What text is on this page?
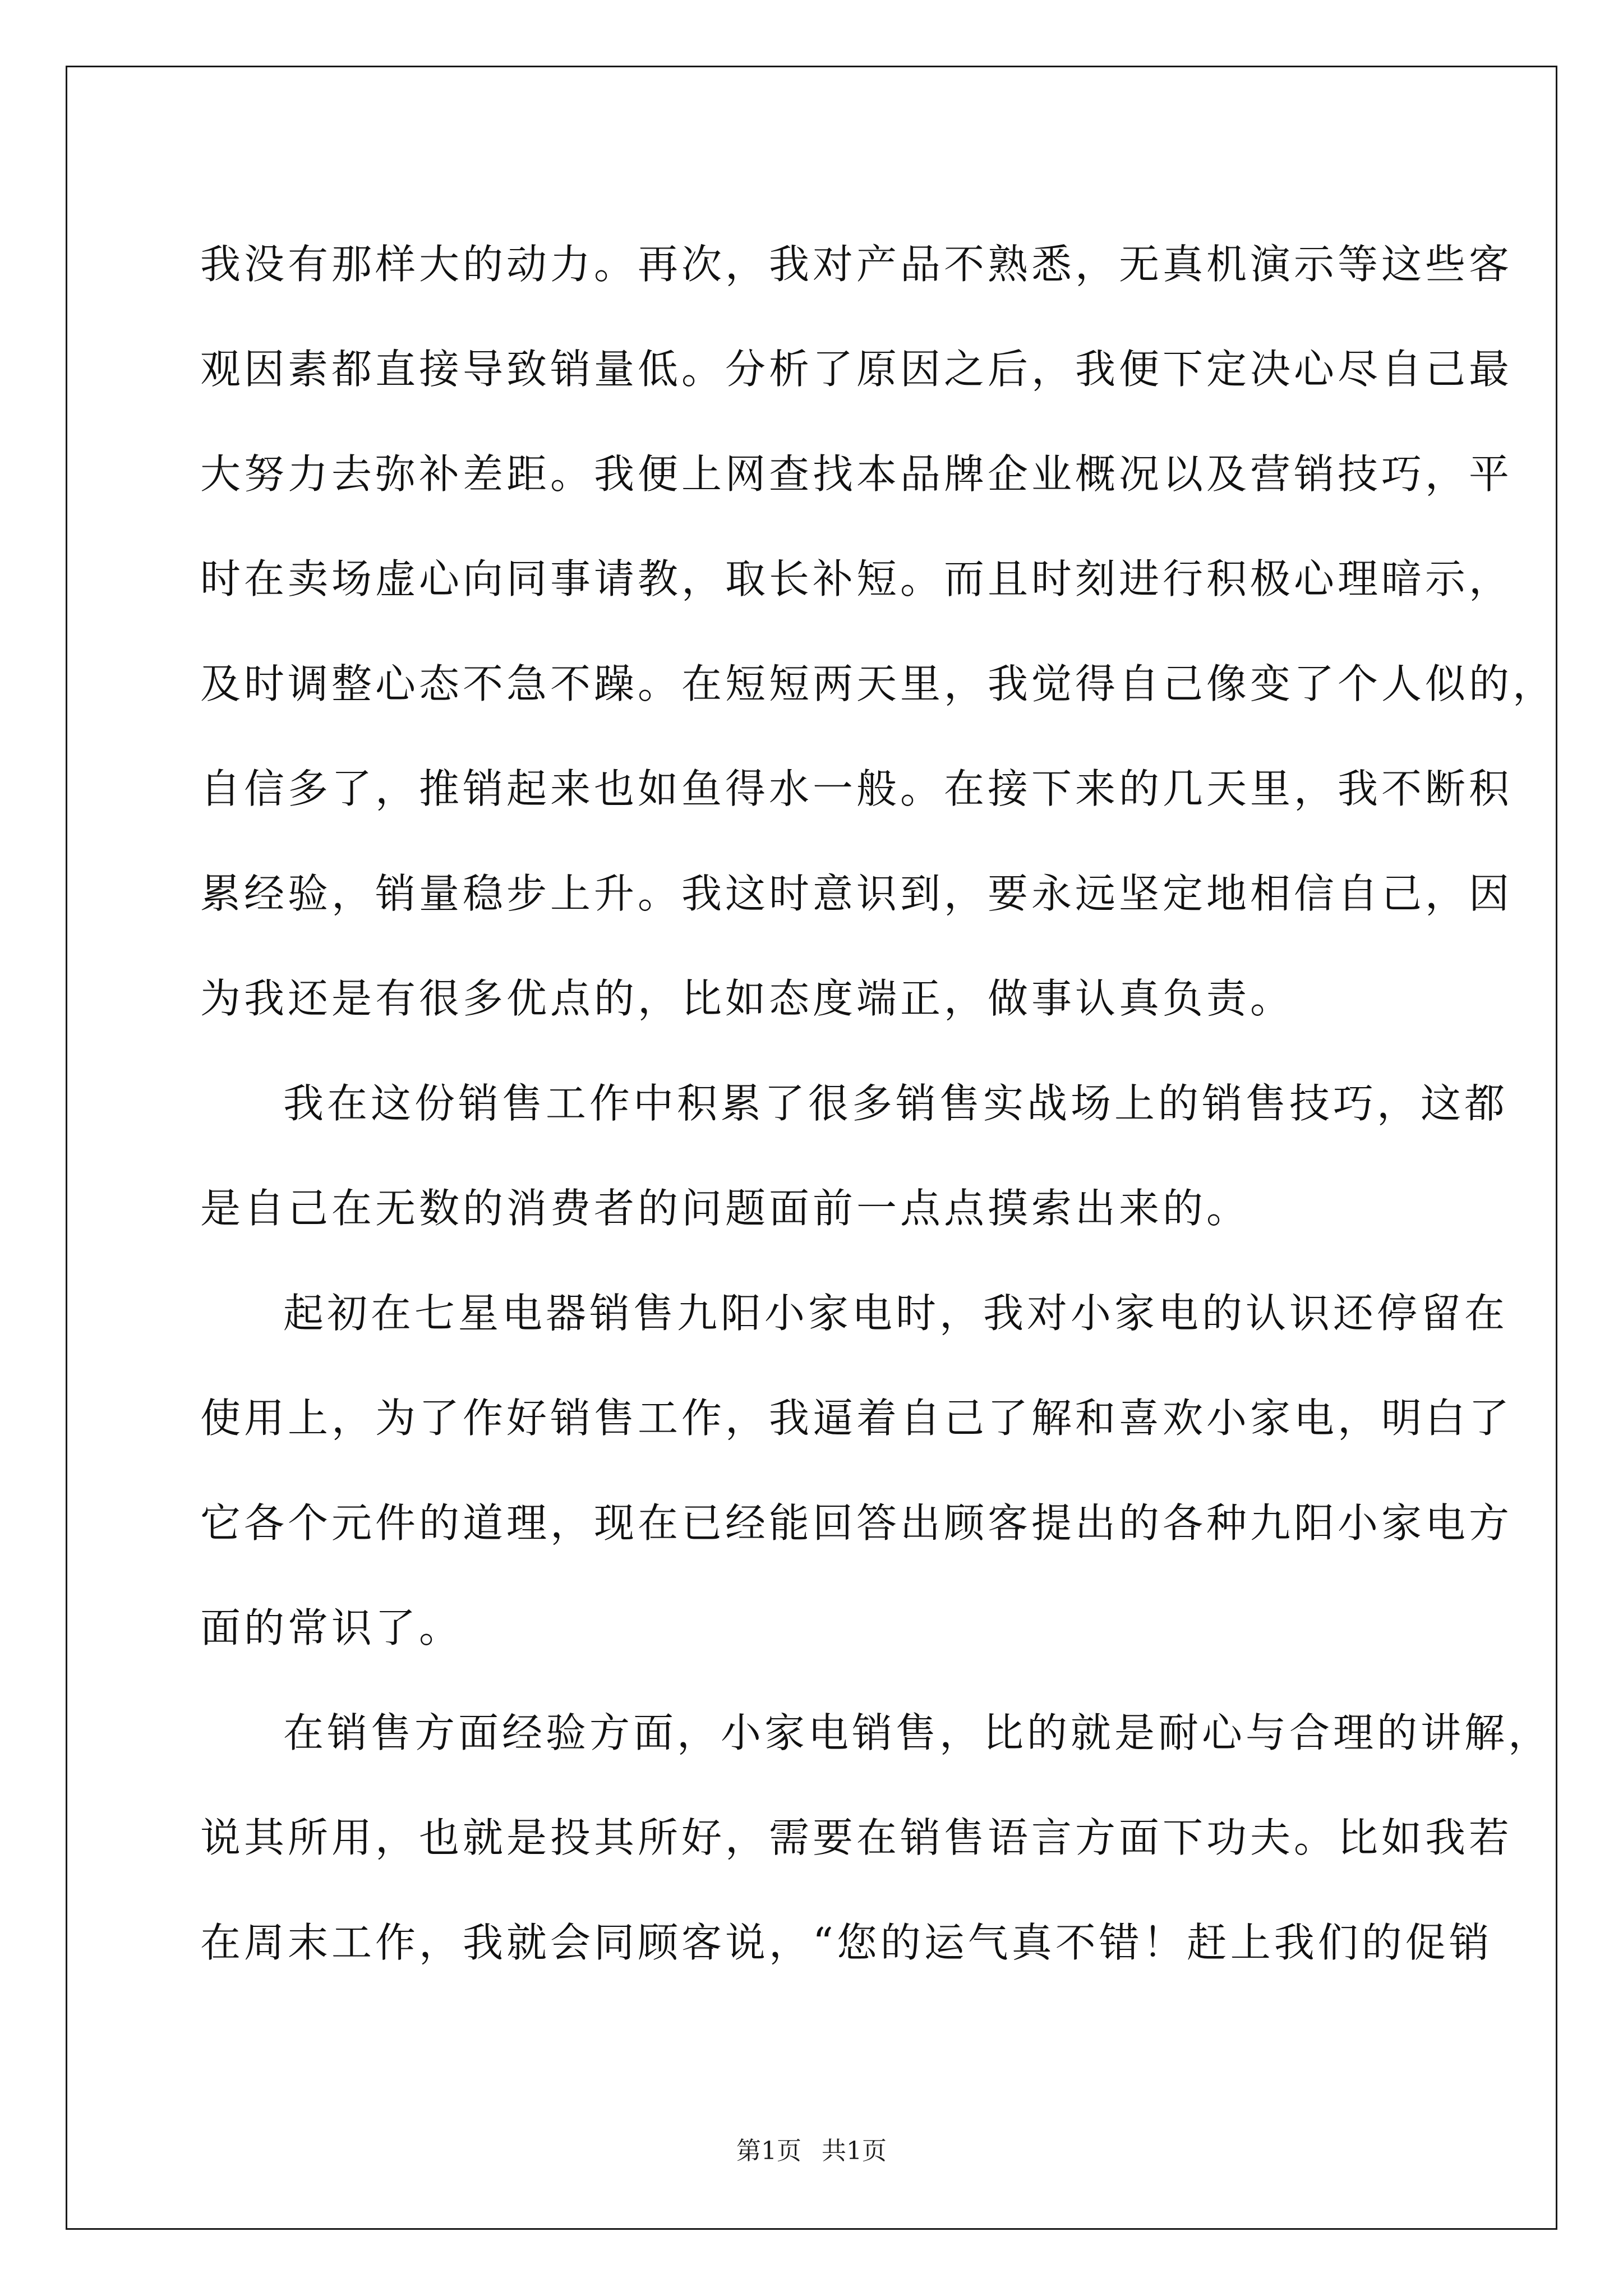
我没有那样大的动力。再次，我对产品不熟悉，无真机演示等这些客
观因素都直接导致销量低。分析了原因之后，我便下定决心尽自己最
大努力去弥补差距。我便上网查找本品牌企业概况以及营销技巧，平
时在卖场虚心向同事请教，取长补短。而且时刻进行积极心理暗示，
及时调整心态不急不躁。在短短两天里，我觉得自己像变了个人似的，
自信多了，推销起来也如鱼得水一般。在接下来的几天里，我不断积
累经验，销量稳步上升。我这时意识到，要永远坚定地相信自己，因
为我还是有很多优点的，比如态度端正，做事认真负责。
我在这份销售工作中积累了很多销售实战场上的销售技巧，这都
是自己在无数的消费者的问题面前一点点摸索出来的。
起初在七星电器销售九阳小家电时，我对小家电的认识还停留在
使用上，为了作好销售工作，我逼着自己了解和喜欢小家电，明白了
它各个元件的道理，现在已经能回答出顾客提出的各种九阳小家电方
面的常识了。
在销售方面经验方面，小家电销售，比的就是耐心与合理的讲解，
说其所用，也就是投其所好，需要在销售语言方面下功夫。比如我若
在周末工作，我就会同顾客说，“您的运气真不错！赶上我们的促销
第1页 共1页
